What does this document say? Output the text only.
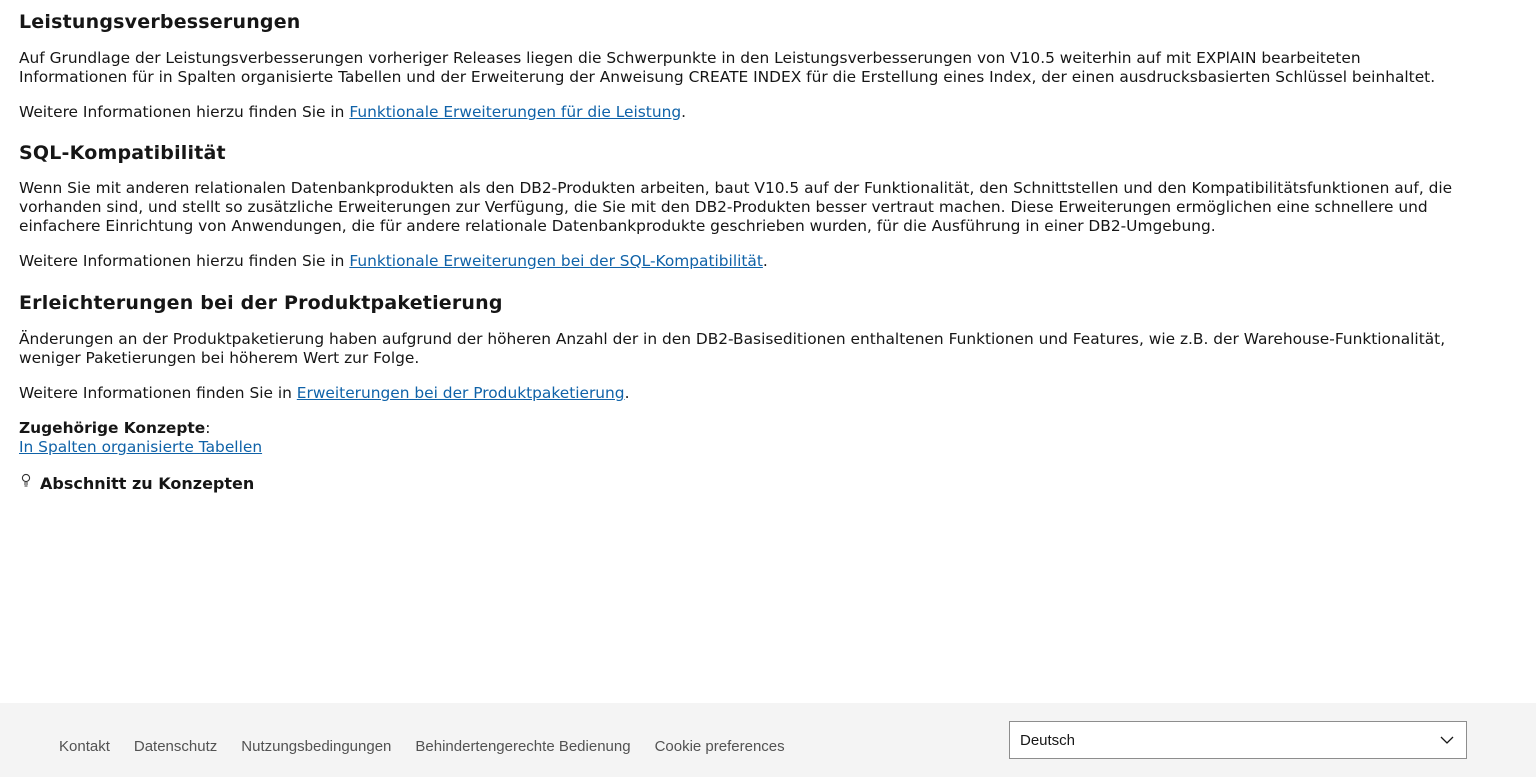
Leistungsverbesserungen

Auf Grundlage der Leistungsverbesserungen vorheriger Releases liegen die Schwerpunkte in den Leistungsverbesserungen von V10.5 weiterhin auf mit EXPlAIN bearbeiteten Informationen für in Spalten organisierte Tabellen und der Erweiterung der Anweisung CREATE INDEX für die Erstellung eines Index, der einen ausdrucksbasierten Schlüssel beinhaltet.

Weitere Informationen hierzu finden Sie in Funktionale Erweiterungen für die Leistung.

SQL-Kompatibilität

Wenn Sie mit anderen relationalen Datenbankprodukten als den DB2-Produkten arbeiten, baut V10.5 auf der Funktionalität, den Schnittstellen und den Kompatibilitätsfunktionen auf, die vorhanden sind, und stellt so zusätzliche Erweiterungen zur Verfügung, die Sie mit den DB2-Produkten besser vertraut machen. Diese Erweiterungen ermöglichen eine schnellere und einfachere Einrichtung von Anwendungen, die für andere relationale Datenbankprodukte geschrieben wurden, für die Ausführung in einer DB2-Umgebung.

Weitere Informationen hierzu finden Sie in Funktionale Erweiterungen bei der SQL-Kompatibilität.

Erleichterungen bei der Produktpaketierung

Änderungen an der Produktpaketierung haben aufgrund der höheren Anzahl der in den DB2-Basiseditionen enthaltenen Funktionen und Features, wie z.B. der Warehouse-Funktionalität, weniger Paketierungen bei höherem Wert zur Folge.

Weitere Informationen finden Sie in Erweiterungen bei der Produktpaketierung.

Zugehörige Konzepte:

In Spalten organisierte Tabellen

Abschnitt zu Konzepten

Kontakt Datenschutz Nutzungsbedingungen Behindertengerechte Bedienung Cookie preferences	Deutsch
